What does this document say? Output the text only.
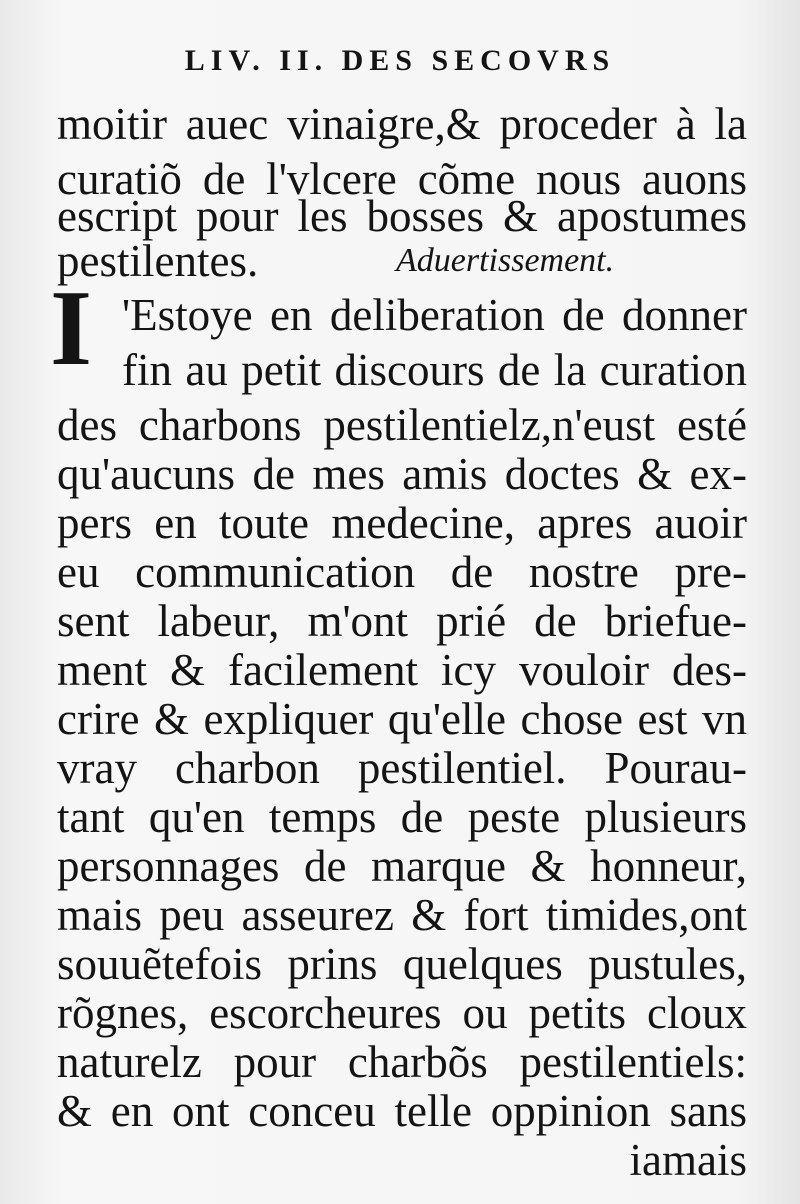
LIV. II. DES SECOVRS
moitir auec vinaigre,& proceder à la
curatiõ de l'vlcere cõme nous auons
escript pour les bosses & apostumes
pestilentes.	Aduertissement.
I 'Estoye en deliberation de donner
fin au petit discours de la curation
des charbons pestilentielz,n'eust esté
qu'aucuns de mes amis doctes & ex-
pers en toute medecine, apres auoir
eu communication de nostre pre-
sent labeur, m'ont prié de briefue-
ment & facilement icy vouloir des-
crire & expliquer qu'elle chose est vn
vray charbon pestilentiel. Pourau-
tant qu'en temps de peste plusieurs
personnages de marque & honneur,
mais peu asseurez & fort timides,ont
souuẽtefois prins quelques pustules,
rõgnes, escorcheures ou petits cloux
naturelz pour charbõs pestilentiels:
& en ont conceu telle oppinion sans
iamais
